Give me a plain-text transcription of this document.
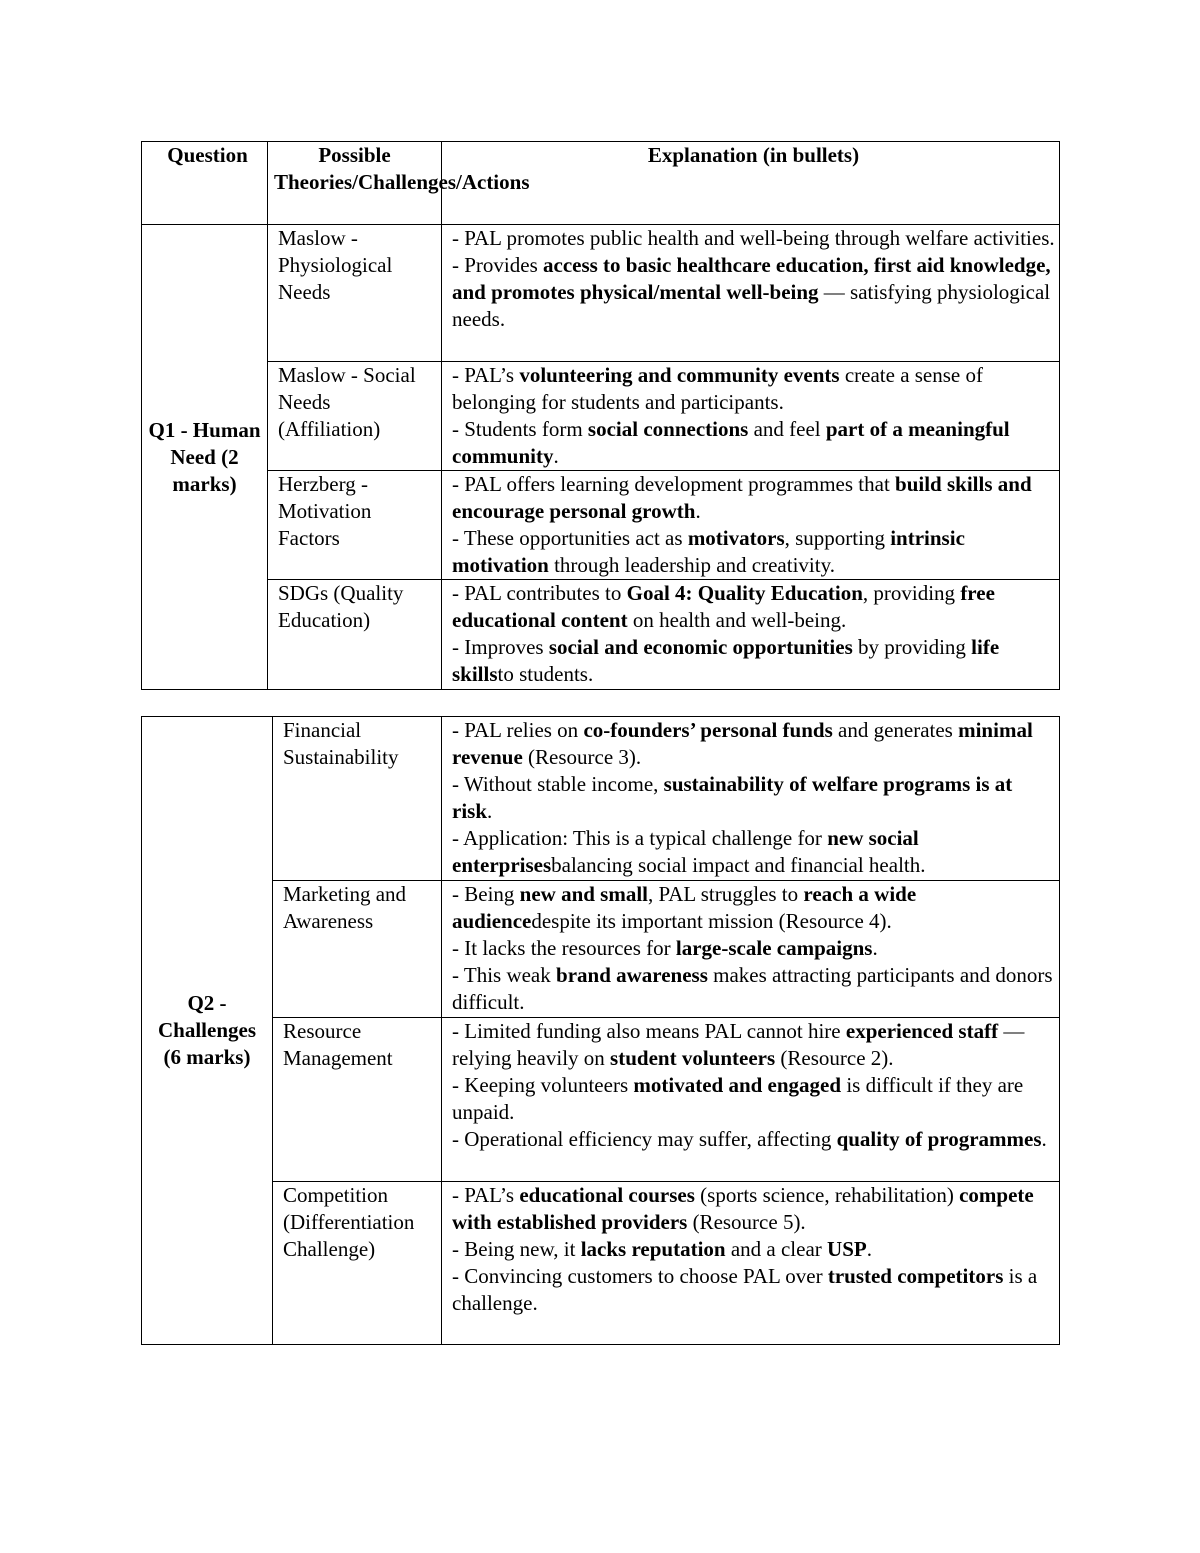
Question	Possible Theories/Challenges/Actions	Explanation (in bullets)
Q1 - Human Need (2 marks)	Maslow - Physiological Needs	- PAL promotes public health and well-being through welfare activities.
- Provides access to basic healthcare education, first aid knowledge, and promotes physical/mental well-being — satisfying physiological needs.

	Maslow - Social Needs (Affiliation)	- PAL’s volunteering and community events create a sense of belonging for students and participants.
- Students form social connections and feel part of a meaningful community.

	Herzberg - Motivation Factors	- PAL offers learning development programmes that build skills and encourage personal growth.
- These opportunities act as motivators, supporting intrinsic motivation through leadership and creativity.

	SDGs (Quality Education)	- PAL contributes to Goal 4: Quality Education, providing free educational content on health and well-being.
- Improves social and economic opportunities by providing life skillsto students.
Q2 - Challenges (6 marks)	Financial Sustainability	- PAL relies on co-founders’ personal funds and generates minimal revenue (Resource 3).
- Without stable income, sustainability of welfare programs is at risk.
- Application: This is a typical challenge for new social enterprisesbalancing social impact and financial health.

	Marketing and Awareness	- Being new and small, PAL struggles to reach a wide audiencedespite its important mission (Resource 4).
- It lacks the resources for large-scale campaigns.
- This weak brand awareness makes attracting participants and donors difficult.

	Resource Management	- Limited funding also means PAL cannot hire experienced staff — relying heavily on student volunteers (Resource 2).
- Keeping volunteers motivated and engaged is difficult if they are unpaid.
- Operational efficiency may suffer, affecting quality of programmes.

	Competition (Differentiation Challenge)	- PAL’s educational courses (sports science, rehabilitation) compete with established providers (Resource 5).
- Being new, it lacks reputation and a clear USP.
- Convincing customers to choose PAL over trusted competitors is a challenge.
